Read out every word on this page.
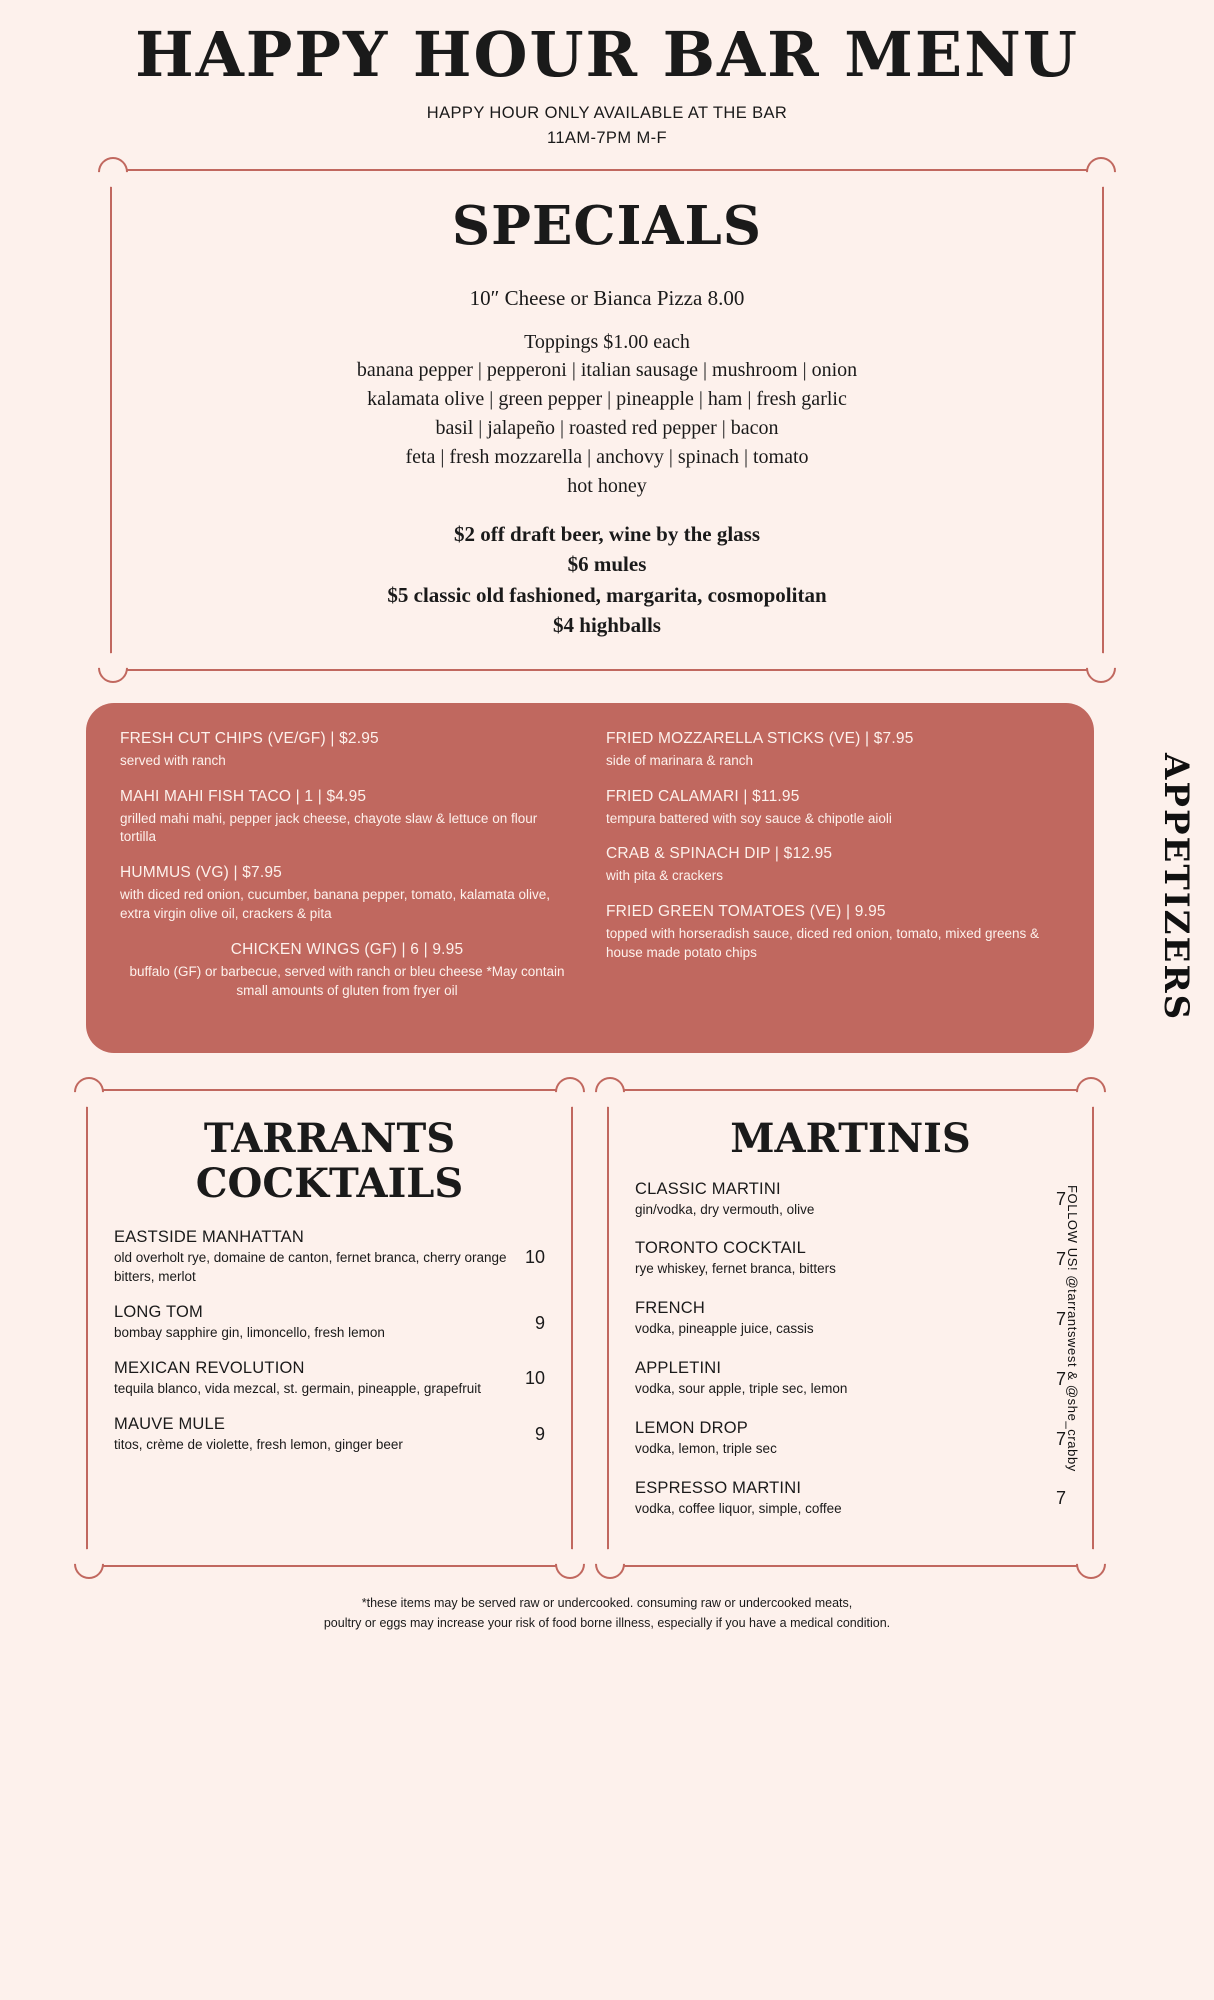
HAPPY HOUR BAR MENU
HAPPY HOUR ONLY AVAILABLE AT THE BAR
11AM-7PM M-F
SPECIALS
10″ Cheese or Bianca Pizza 8.00
Toppings $1.00 each
banana pepper | pepperoni | italian sausage | mushroom | onion
kalamata olive | green pepper | pineapple | ham | fresh garlic
basil | jalapeño | roasted red pepper | bacon
feta | fresh mozzarella | anchovy | spinach | tomato
hot honey
$2 off draft beer, wine by the glass
$6 mules
$5 classic old fashioned, margarita, cosmopolitan
$4 highballs
FRESH CUT CHIPS (VE/GF) | $2.95
served with ranch
MAHI MAHI FISH TACO | 1 | $4.95
grilled mahi mahi, pepper jack cheese, chayote slaw & lettuce on flour tortilla
HUMMUS (VG) | $7.95
with diced red onion, cucumber, banana pepper, tomato, kalamata olive, extra virgin olive oil, crackers & pita
CHICKEN WINGS (GF) | 6 | 9.95
buffalo (GF) or barbecue, served with ranch or bleu cheese *May contain small amounts of gluten from fryer oil
FRIED MOZZARELLA STICKS (VE) | $7.95
side of marinara & ranch
FRIED CALAMARI | $11.95
tempura battered with soy sauce & chipotle aioli
CRAB & SPINACH DIP | $12.95
with pita & crackers
FRIED GREEN TOMATOES (VE) | 9.95
topped with horseradish sauce, diced red onion, tomato, mixed greens & house made potato chips	APPETIZERS
TARRANTS
COCKTAILS
EASTSIDE MANHATTAN
old overholt rye, domaine de canton, fernet branca, cherry orange bitters, merlot
10
LONG TOM
bombay sapphire gin, limoncello, fresh lemon
9
MEXICAN REVOLUTION
tequila blanco, vida mezcal, st. germain, pineapple, grapefruit
10
MAUVE MULE
titos, crème de violette, fresh lemon, ginger beer
9
MARTINIS
CLASSIC MARTINI
gin/vodka, dry vermouth, olive
7
TORONTO COCKTAIL
rye whiskey, fernet branca, bitters
7
FRENCH
vodka, pineapple juice, cassis
7
APPLETINI
vodka, sour apple, triple sec, lemon
7
LEMON DROP
vodka, lemon, triple sec
7
ESPRESSO MARTINI
vodka, coffee liquor, simple, coffee
7
FOLLOW US! @tarrantswest & @she_crabby
*these items may be served raw or undercooked. consuming raw or undercooked meats,
poultry or eggs may increase your risk of food borne illness, especially if you have a medical condition.
